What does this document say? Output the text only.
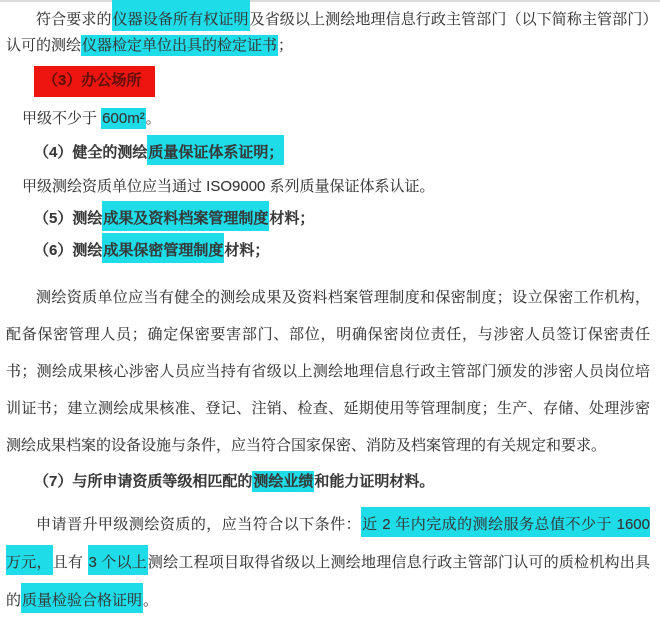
符合要求的仪器设备所有权证明及省级以上测绘地理信息行政主管部门（以下简称主管部门）认可的测绘仪器检定单位出具的检定证书；

（3）办公场所

甲级不少于 600m²。

（4）健全的测绘质量保证体系证明；

甲级测绘资质单位应当通过 ISO9000 系列质量保证体系认证。

（5）测绘成果及资料档案管理制度材料；

（6）测绘成果保密管理制度材料；

测绘资质单位应当有健全的测绘成果及资料档案管理制度和保密制度；设立保密工作机构，配备保密管理人员；确定保密要害部门、部位，明确保密岗位责任，与涉密人员签订保密责任书；测绘成果核心涉密人员应当持有省级以上测绘地理信息行政主管部门颁发的涉密人员岗位培训证书；建立测绘成果核准、登记、注销、检查、延期使用等管理制度；生产、存储、处理涉密测绘成果档案的设备设施与条件，应当符合国家保密、消防及档案管理的有关规定和要求。

（7）与所申请资质等级相匹配的测绘业绩和能力证明材料。

申请晋升甲级测绘资质的，应当符合以下条件：近 2 年内完成的测绘服务总值不少于 1600 万元，且有 3 个以上测绘工程项目取得省级以上测绘地理信息行政主管部门认可的质检机构出具的质量检验合格证明。
